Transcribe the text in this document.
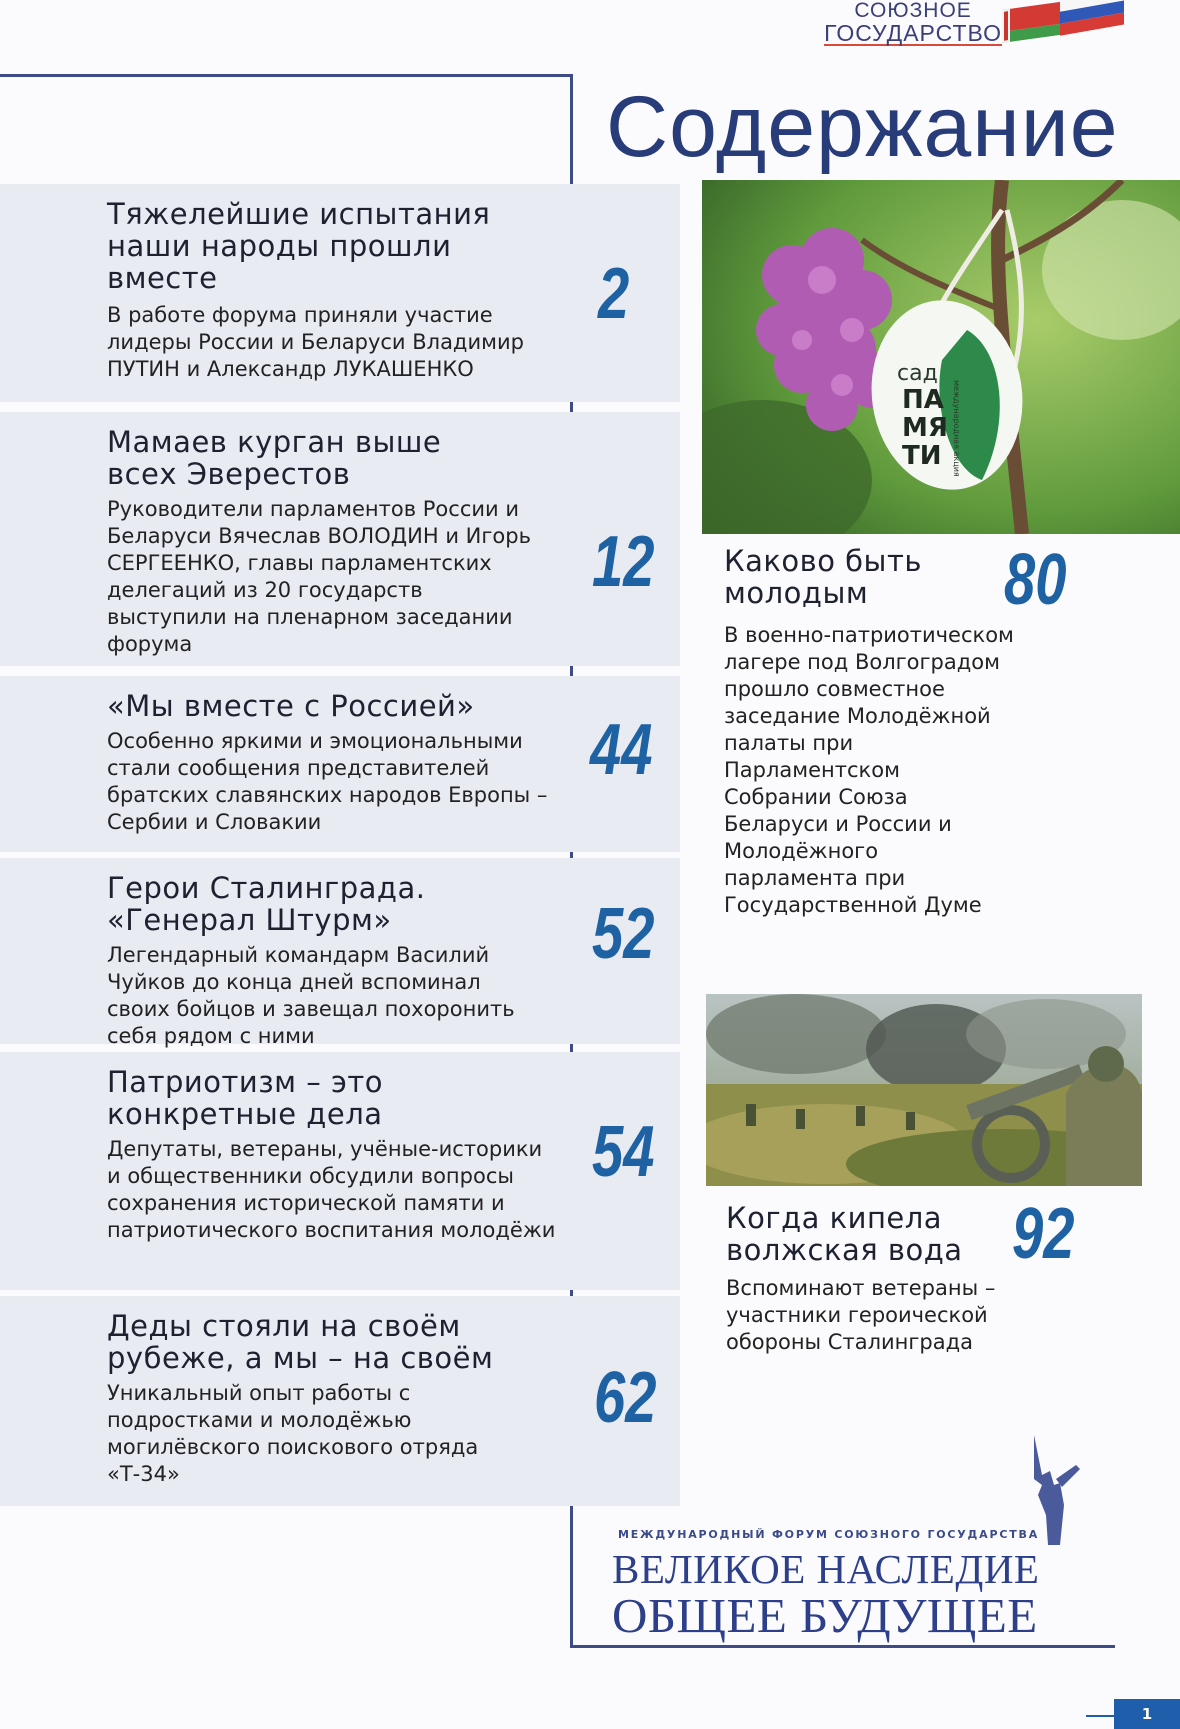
СОЮЗНОЕ
ГОСУДАРСТВО
Содержание
Тяжелейшие испытания наши народы прошли вместе
В работе форума приняли участие лидеры России и Беларуси Владимир ПУТИН и Александр ЛУКАШЕНКО
2
Мамаев курган выше всех Эверестов
Руководители парламентов России и Беларуси Вячеслав ВОЛОДИН и Игорь СЕРГЕЕНКО, главы парламентских делегаций из 20 государств выступили на пленарном заседании форума
12
«Мы вместе с Россией»
Особенно яркими и эмоциональными стали сообщения представителей братских славянских народов Европы – Сербии и Словакии
44
Герои Сталинграда. «Генерал Штурм»
Легендарный командарм Василий Чуйков до конца дней вспоминал своих бойцов и завещал похоронить себя рядом с ними
52
Патриотизм – это конкретные дела
Депутаты, ветераны, учёные-историки и общественники обсудили вопросы сохранения исторической памяти и патриотического воспитания молодёжи
54
Деды стояли на своём рубеже, а мы – на своём
Уникальный опыт работы с подростками и молодёжью могилёвского поискового отряда «Т-34»
62
сад
ПА
МЯ
ТИ международная акция
Каково быть молодым	80
В военно-патриотическом лагере под Волгоградом прошло совместное заседание Молодёжной палаты при Парламентском Собрании Союза Беларуси и России и Молодёжного парламента при Государственной Думе
Когда кипела волжская вода 92
Вспоминают ветераны – участники героической обороны Сталинграда
МЕЖДУНАРОДНЫЙ ФОРУМ СОЮЗНОГО ГОСУДАРСТВА
ВЕЛИКОЕ НАСЛЕДИЕ
ОБЩЕЕ БУДУЩЕЕ
1
